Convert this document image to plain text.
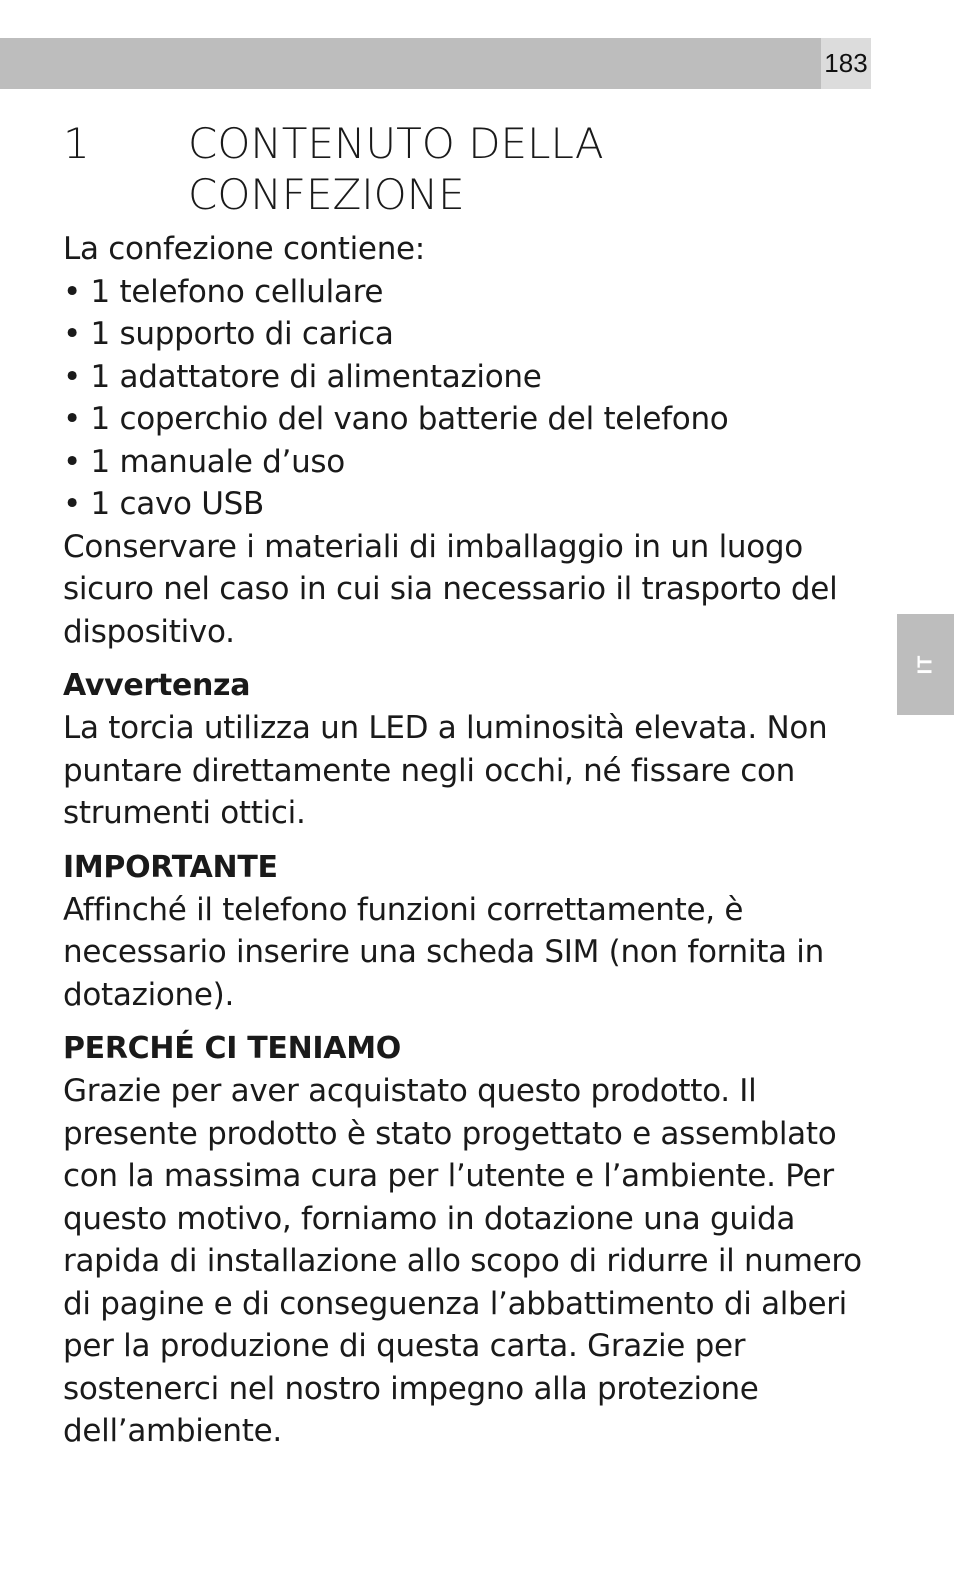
183
IT
1	CONTENUTO DELLA
CONFEZIONE

La confezione contiene:

• 1 telefono cellulare
• 1 supporto di carica
• 1 adattatore di alimentazione
• 1 coperchio del vano batterie del telefono
• 1 manuale d’uso
• 1 cavo USB

Conservare i materiali di imballaggio in un luogo sicuro nel caso in cui sia necessario il trasporto del dispositivo.

Avvertenza

La torcia utilizza un LED a luminosità elevata. Non puntare direttamente negli occhi, né fissare con strumenti ottici.

IMPORTANTE

Affinché il telefono funzioni correttamente, è necessario inserire una scheda SIM (non fornita in dotazione).

PERCHÉ CI TENIAMO

Grazie per aver acquistato questo prodotto. Il presente prodotto è stato progettato e assemblato con la massima cura per l’utente e l’ambiente. Per questo motivo, forniamo in dotazione una guida rapida di installazione allo scopo di ridurre il numero di pagine e di conseguenza l’abbattimento di alberi per la produzione di questa carta. Grazie per sostenerci nel nostro impegno alla protezione dell’ambiente.
